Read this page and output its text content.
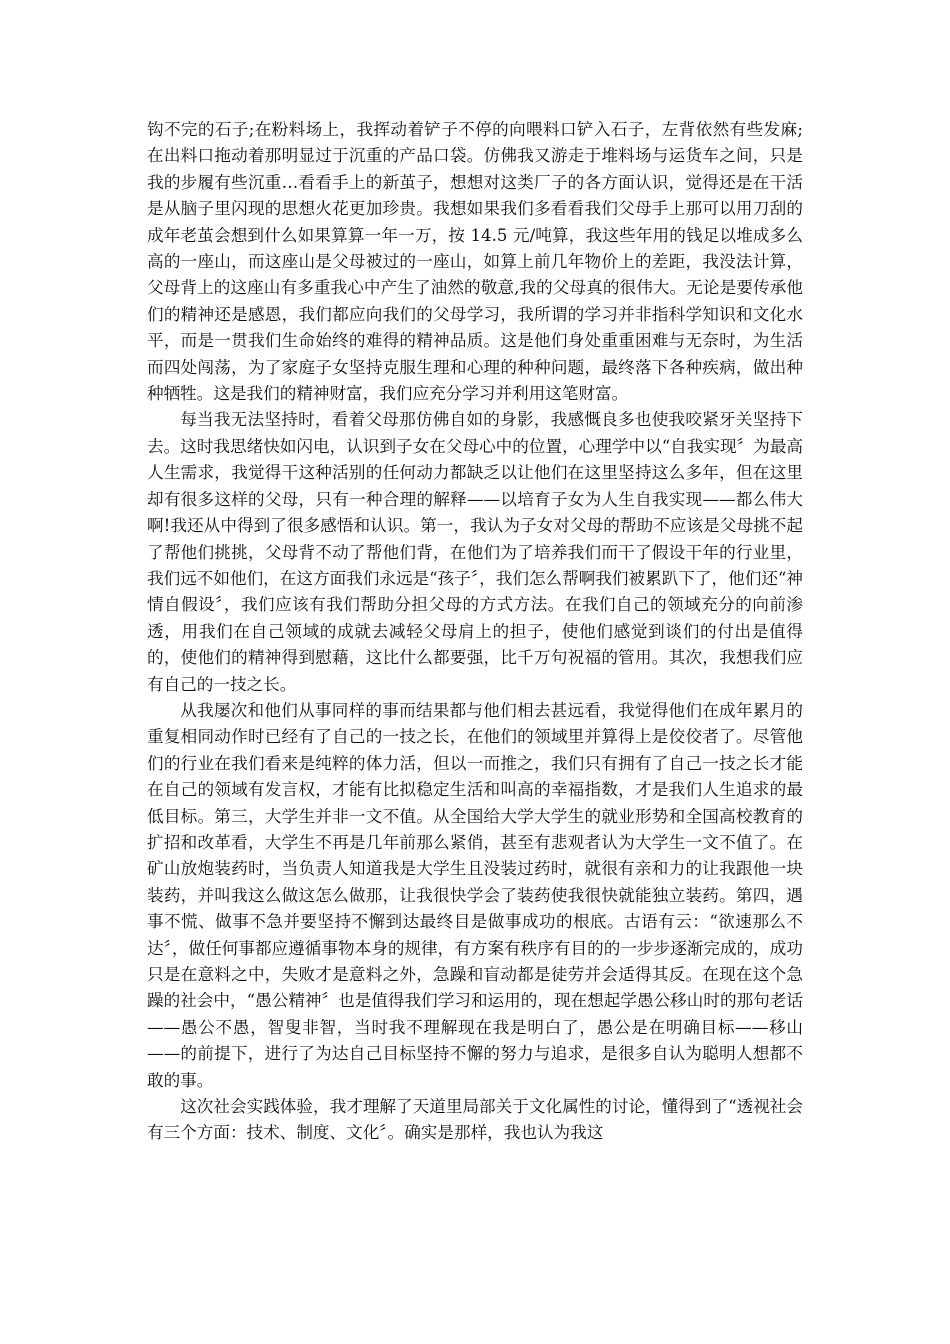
钩不完的石子;在粉料场上，我挥动着铲子不停的向喂料口铲入石子，左背依然有些发麻;在出料口拖动着那明显过于沉重的产品口袋。仿佛我又游走于堆料场与运货车之间，只是我的步履有些沉重…看看手上的新茧子，想想对这类厂子的各方面认识，觉得还是在干活是从脑子里闪现的思想火花更加珍贵。我想如果我们多看看我们父母手上那可以用刀刮的成年老茧会想到什么如果算算一年一万，按 14.5 元/吨算，我这些年用的钱足以堆成多么高的一座山，而这座山是父母被过的一座山，如算上前几年物价上的差距，我没法计算，父母背上的这座山有多重我心中产生了油然的敬意,我的父母真的很伟大。无论是要传承他们的精神还是感恩，我们都应向我们的父母学习，我所谓的学习并非指科学知识和文化水平，而是一贯我们生命始终的难得的精神品质。这是他们身处重重困难与无奈时，为生活而四处闯荡，为了家庭子女坚持克服生理和心理的种种问题，最终落下各种疾病，做出种种牺牲。这是我们的精神财富，我们应充分学习并利用这笔财富。

每当我无法坚持时，看着父母那仿佛自如的身影，我感慨良多也使我咬紧牙关坚持下去。这时我思绪快如闪电，认识到子女在父母心中的位置，心理学中以“自我实现〞为最高人生需求，我觉得干这种活别的任何动力都缺乏以让他们在这里坚持这么多年，但在这里却有很多这样的父母，只有一种合理的解释——以培育子女为人生自我实现——都么伟大啊!我还从中得到了很多感悟和认识。第一，我认为子女对父母的帮助不应该是父母挑不起了帮他们挑挑，父母背不动了帮他们背，在他们为了培养我们而干了假设干年的行业里，我们远不如他们，在这方面我们永远是“孩子〞，我们怎么帮啊我们被累趴下了，他们还“神情自假设〞，我们应该有我们帮助分担父母的方式方法。在我们自己的领域充分的向前渗透，用我们在自己领域的成就去减轻父母肩上的担子，使他们感觉到谈们的付出是值得的，使他们的精神得到慰藉，这比什么都要强，比千万句祝福的管用。其次，我想我们应有自己的一技之长。

从我屡次和他们从事同样的事而结果都与他们相去甚远看，我觉得他们在成年累月的重复相同动作时已经有了自己的一技之长，在他们的领域里并算得上是佼佼者了。尽管他们的行业在我们看来是纯粹的体力活，但以一而推之，我们只有拥有了自己一技之长才能在自己的领域有发言权，才能有比拟稳定生活和叫高的幸福指数，才是我们人生追求的最低目标。第三，大学生并非一文不值。从全国给大学大学生的就业形势和全国高校教育的扩招和改革看，大学生不再是几年前那么紧俏，甚至有悲观者认为大学生一文不值了。在矿山放炮装药时，当负责人知道我是大学生且没装过药时，就很有亲和力的让我跟他一块装药，并叫我这么做这怎么做那，让我很快学会了装药使我很快就能独立装药。第四，遇事不慌、做事不急并要坚持不懈到达最终目是做事成功的根底。古语有云：“欲速那么不达〞，做任何事都应遵循事物本身的规律，有方案有秩序有目的的一步步逐渐完成的，成功只是在意料之中，失败才是意料之外，急躁和盲动都是徒劳并会适得其反。在现在这个急躁的社会中，“愚公精神〞也是值得我们学习和运用的，现在想起学愚公移山时的那句老话——愚公不愚，智叟非智，当时我不理解现在我是明白了，愚公是在明确目标——移山——的前提下，进行了为达自己目标坚持不懈的努力与追求，是很多自认为聪明人想都不敢的事。

这次社会实践体验，我才理解了天道里局部关于文化属性的讨论，懂得到了“透视社会有三个方面：技术、制度、文化〞。确实是那样，我也认为我这
